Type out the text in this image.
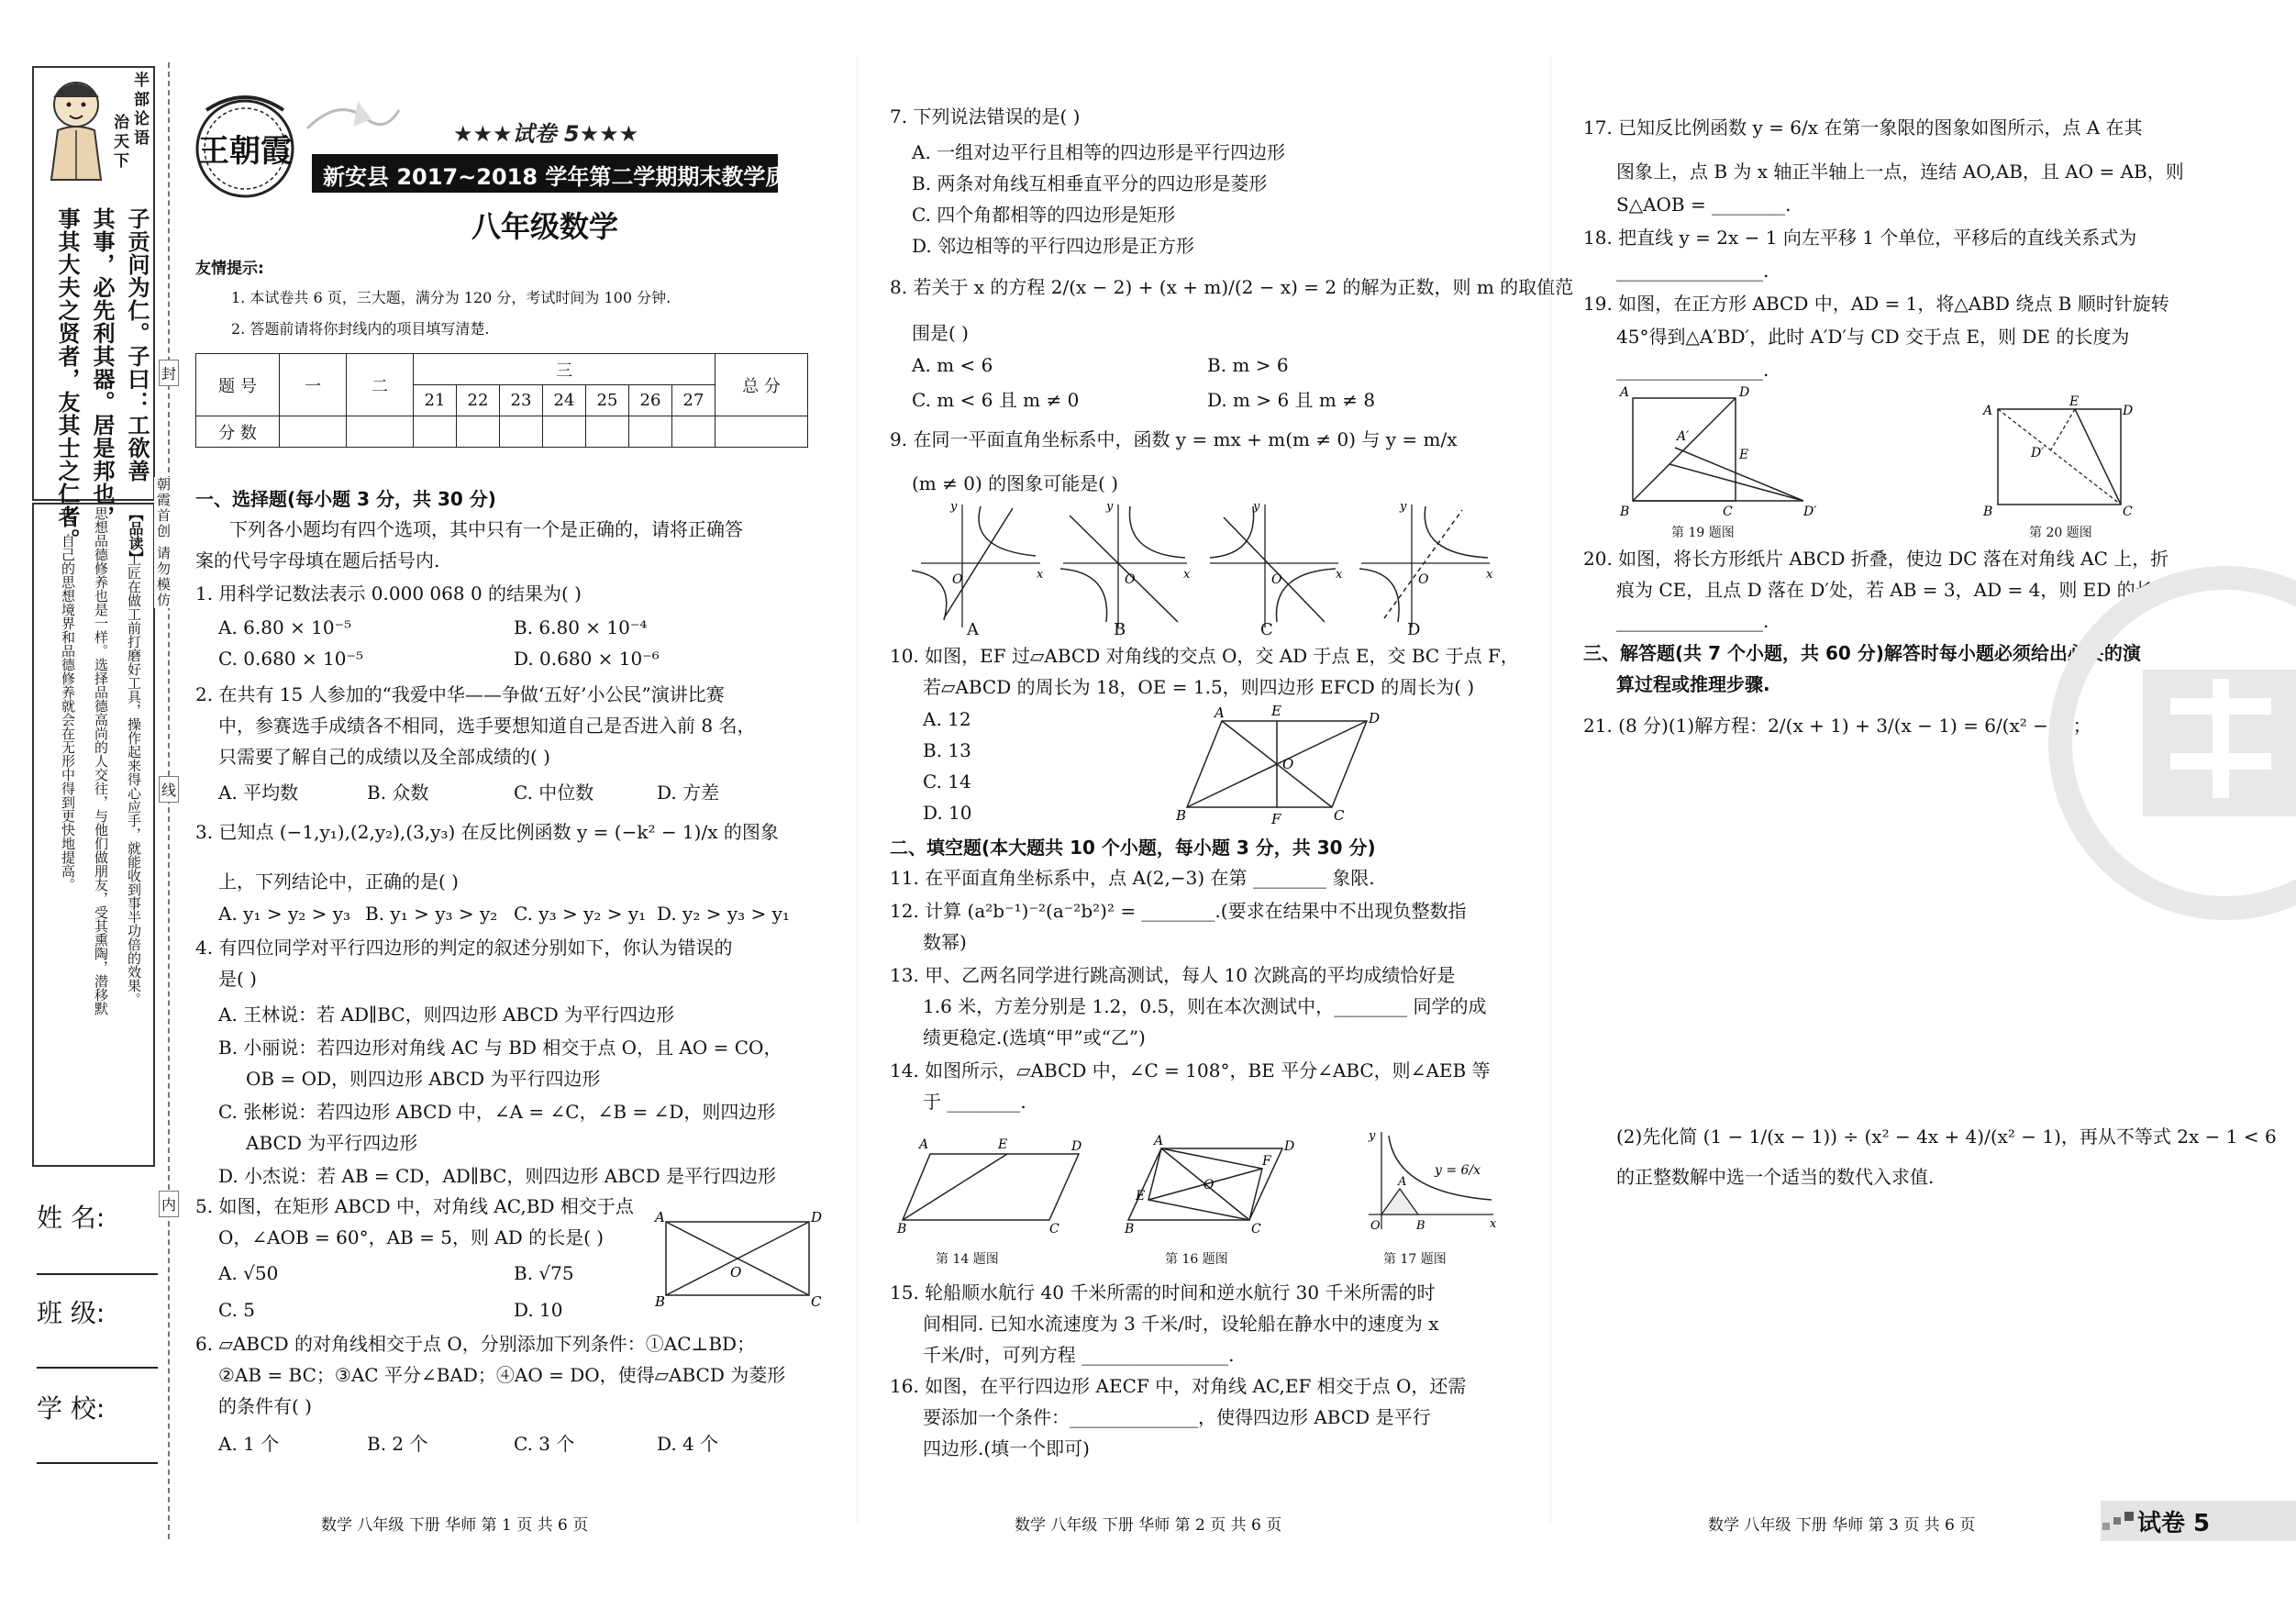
半部论语
治天下
子贡问为仁。子曰：工欲善
其事，必先利其器。居是邦也，
事其大夫之贤者，友其士之仁者。	【品读】
工匠在做工前打磨好工具，操作起来得心应手，就能收到事半功倍的效果。
思想品德修养也是一样。选择品德高尚的人交往，与他们做朋友，受其熏陶，潜移默
化，自己的思想境界和品德修养就会在无形中得到更快地提高。
封
朝霞首创 请勿模仿
线
内
姓 名:
班 级:
学 校:
王朝霞	★★★试卷 5★★★
新安县 2017~2018 学年第二学期期末教学质量检测试卷
八年级数学
友情提示:
1. 本试卷共 6 页，三大题，满分为 120 分，考试时间为 100 分钟.
2. 答题前请将你封线内的项目填写清楚.
题 号	一	二	三							总 分
			21	22	23	24	25	26	27	
分 数										
一、选择题(每小题 3 分，共 30 分)
下列各小题均有四个选项，其中只有一个是正确的，请将正确答
案的代号字母填在题后括号内.
1. 用科学记数法表示 0.000 068 0 的结果为( )
A. 6.80 × 10⁻⁵	B. 6.80 × 10⁻⁴
C. 0.680 × 10⁻⁵	D. 0.680 × 10⁻⁶
2. 在共有 15 人参加的“我爱中华——争做‘五好’小公民”演讲比赛
中，参赛选手成绩各不相同，选手要想知道自己是否进入前 8 名，
只需要了解自己的成绩以及全部成绩的( )
A. 平均数	B. 众数	C. 中位数	D. 方差
3. 已知点 (−1,y₁),(2,y₂),(3,y₃) 在反比例函数 y = (−k² − 1)/x 的图象
上，下列结论中，正确的是( )
A. y₁ > y₂ > y₃ B. y₁ > y₃ > y₂ C. y₃ > y₂ > y₁ D. y₂ > y₃ > y₁
4. 有四位同学对平行四边形的判定的叙述分别如下，你认为错误的
是( )
A. 王林说：若 AD∥BC，则四边形 ABCD 为平行四边形
B. 小丽说：若四边形对角线 AC 与 BD 相交于点 O，且 AO = CO，
OB = OD，则四边形 ABCD 为平行四边形
C. 张彬说：若四边形 ABCD 中，∠A = ∠C，∠B = ∠D，则四边形
ABCD 为平行四边形
D. 小杰说：若 AB = CD，AD∥BC，则四边形 ABCD 是平行四边形
5. 如图，在矩形 ABCD 中，对角线 AC,BD 相交于点
O，∠AOB = 60°，AB = 5，则 AD 的长是( )
A. √50	B. √75
C. 5	D. 10
A	D
B	C
O
6. ▱ABCD 的对角线相交于点 O，分别添加下列条件：①AC⊥BD；
②AB = BC；③AC 平分∠BAD；④AO = DO，使得▱ABCD 为菱形
的条件有( )
A. 1 个	B. 2 个	C. 3 个	D. 4 个
数学 八年级 下册 华师 第 1 页 共 6 页
7. 下列说法错误的是( )
A. 一组对边平行且相等的四边形是平行四边形
B. 两条对角线互相垂直平分的四边形是菱形
C. 四个角都相等的四边形是矩形
D. 邻边相等的平行四边形是正方形
8. 若关于 x 的方程 2/(x − 2) + (x + m)/(2 − x) = 2 的解为正数，则 m 的取值范
围是( )
A. m < 6	B. m > 6
C. m < 6 且 m ≠ 0	D. m > 6 且 m ≠ 8
9. 在同一平面直角坐标系中，函数 y = mx + m(m ≠ 0) 与 y = m/x
(m ≠ 0) 的图象可能是( )
O	x
y
O	x
y
O	x
y
O	x
y
A	B	C	D
10. 如图，EF 过▱ABCD 对角线的交点 O，交 AD 于点 E，交 BC 于点 F，
若▱ABCD 的周长为 18，OE = 1.5，则四边形 EFCD 的周长为( )
A. 12
B. 13
C. 14
D. 10
A	E	D
B	F	C
O
二、填空题(本大题共 10 个小题，每小题 3 分，共 30 分)
11. 在平面直角坐标系中，点 A(2,−3) 在第 ________ 象限.
12. 计算 (a²b⁻¹)⁻²(a⁻²b²)² = ________.(要求在结果中不出现负整数指
数幂)
13. 甲、乙两名同学进行跳高测试，每人 10 次跳高的平均成绩恰好是
1.6 米，方差分别是 1.2，0.5，则在本次测试中，________ 同学的成
绩更稳定.(选填“甲”或“乙”)
14. 如图所示，▱ABCD 中，∠C = 108°，BE 平分∠ABC，则∠AEB 等
于 ________.
A	E	D
B	C
A	D
F
E
O
B	C
y
x
O
A
B
y = 6/x
第 14 题图	第 16 题图	第 17 题图
15. 轮船顺水航行 40 千米所需的时间和逆水航行 30 千米所需的时
间相同. 已知水流速度为 3 千米/时，设轮船在静水中的速度为 x
千米/时，可列方程 ________________.
16. 如图，在平行四边形 AECF 中，对角线 AC,EF 相交于点 O，还需
要添加一个条件：______________，使得四边形 ABCD 是平行
四边形.(填一个即可)
数学 八年级 下册 华师 第 2 页 共 6 页
17. 已知反比例函数 y = 6/x 在第一象限的图象如图所示，点 A 在其
图象上，点 B 为 x 轴正半轴上一点，连结 AO,AB，且 AO = AB，则
S△AOB = ________.
18. 把直线 y = 2x − 1 向左平移 1 个单位，平移后的直线关系式为
________________.
19. 如图，在正方形 ABCD 中，AD = 1，将△ABD 绕点 B 顺时针旋转
45°得到△A′BD′，此时 A′D′与 CD 交于点 E，则 DE 的长度为
________________.
A	D
A′
E
B	C	D′
A
E
D
D′
B	C
第 19 题图	第 20 题图
20. 如图，将长方形纸片 ABCD 折叠，使边 DC 落在对角线 AC 上，折
痕为 CE，且点 D 落在 D′处，若 AB = 3，AD = 4，则 ED 的长为
________________.
三、解答题(共 7 个小题，共 60 分)解答时每小题必须给出必要的演
算过程或推理步骤.
21. (8 分)(1)解方程：2/(x + 1) + 3/(x − 1) = 6/(x² − 1)；
(2)先化简 (1 − 1/(x − 1)) ÷ (x² − 4x + 4)/(x² − 1)，再从不等式 2x − 1 < 6
的正整数解中选一个适当的数代入求值.
数学 八年级 下册 华师 第 3 页 共 6 页	试卷 5
